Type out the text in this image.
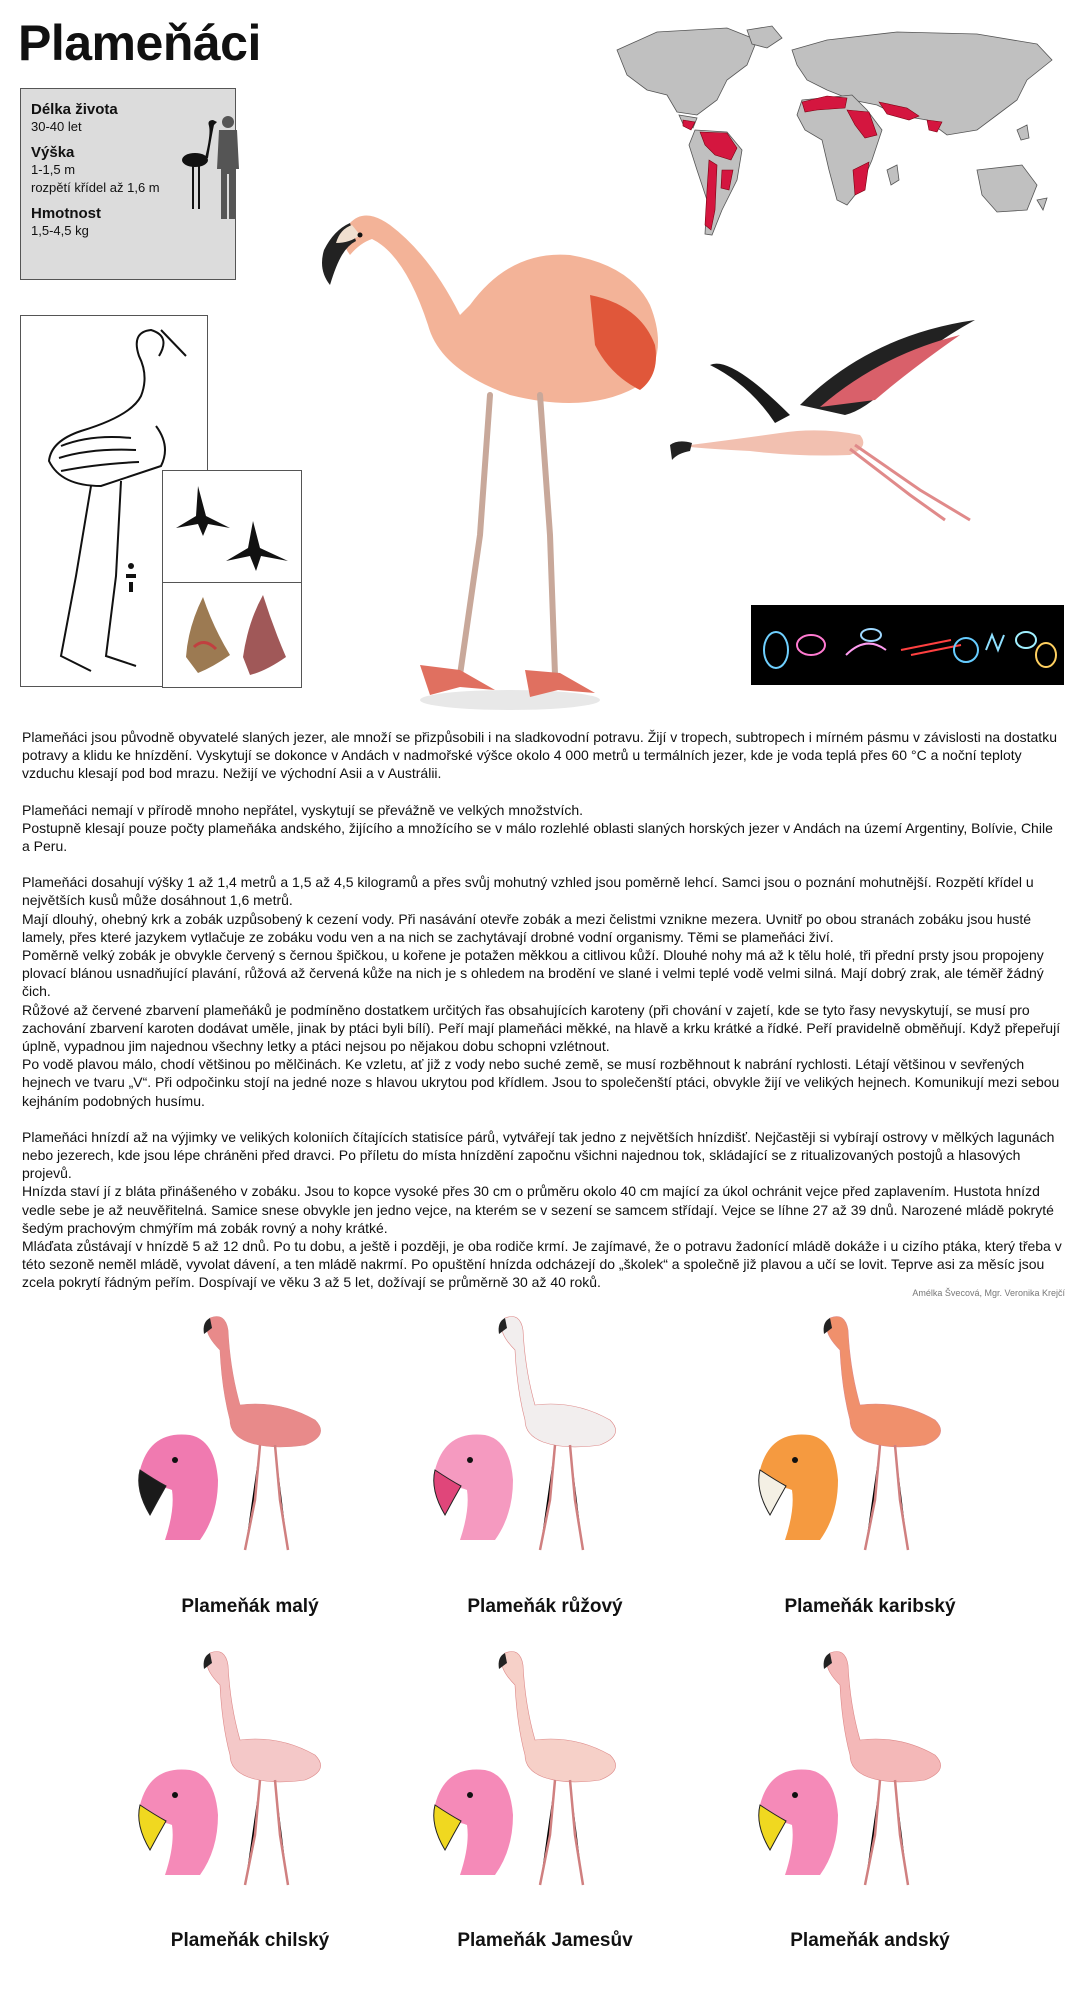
Plameňáci
Délka života
30-40 let
Výška
1-1,5 m
rozpětí křídel až 1,6 m
Hmotnost
1,5-4,5 kg

Plameňáci jsou původně obyvatelé slaných jezer, ale množí se přizpůsobili i na sladkovodní potravu. Žijí v tropech, subtropech i mírném pásmu v závislosti na dostatku potravy a klidu ke hnízdění. Vyskytují se dokonce v Andách v nadmořské výšce okolo 4 000 metrů u termálních jezer, kde je voda teplá přes 60 °C a noční teploty vzduchu klesají pod bod mrazu. Nežijí ve východní Asii a v Austrálii.

Plameňáci nemají v přírodě mnoho nepřátel, vyskytují se převážně ve velkých množstvích.
Postupně klesají pouze počty plameňáka andského, žijícího a množícího se v málo rozlehlé oblasti slaných horských jezer v Andách na území Argentiny, Bolívie, Chile a Peru.

Plameňáci dosahují výšky 1 až 1,4 metrů a 1,5 až 4,5 kilogramů a přes svůj mohutný vzhled jsou poměrně lehcí. Samci jsou o poznání mohutnější. Rozpětí křídel u největších kusů může dosáhnout 1,6 metrů.
Mají dlouhý, ohebný krk a zobák uzpůsobený k cezení vody. Při nasávání otevře zobák a mezi čelistmi vznikne mezera. Uvnitř po obou stranách zobáku jsou husté lamely, přes které jazykem vytlačuje ze zobáku vodu ven a na nich se zachytávají drobné vodní organismy. Těmi se plameňáci živí.
Poměrně velký zobák je obvykle červený s černou špičkou, u kořene je potažen měkkou a citlivou kůží. Dlouhé nohy má až k tělu holé, tři přední prsty jsou propojeny plovací blánou usnadňující plavání, růžová až červená kůže na nich je s ohledem na brodění ve slané i velmi teplé vodě velmi silná. Mají dobrý zrak, ale téměř žádný čich.
Růžové až červené zbarvení plameňáků je podmíněno dostatkem určitých řas obsahujících karoteny (při chování v zajetí, kde se tyto řasy nevyskytují, se musí pro zachování zbarvení karoten dodávat uměle, jinak by ptáci byli bílí). Peří mají plameňáci měkké, na hlavě a krku krátké a řídké. Peří pravidelně obměňují. Když přepeřují úplně, vypadnou jim najednou všechny letky a ptáci nejsou po nějakou dobu schopni vzlétnout.
Po vodě plavou málo, chodí většinou po mělčinách. Ke vzletu, ať již z vody nebo suché země, se musí rozběhnout k nabrání rychlosti. Létají většinou v sevřených hejnech ve tvaru „V“. Při odpočinku stojí na jedné noze s hlavou ukrytou pod křídlem. Jsou to společenští ptáci, obvykle žijí ve velikých hejnech. Komunikují mezi sebou kejháním podobných husímu.

Plameňáci hnízdí až na výjimky ve velikých koloniích čítajících statisíce párů, vytvářejí tak jedno z největších hnízdišť. Nejčastěji si vybírají ostrovy v mělkých lagunách nebo jezerech, kde jsou lépe chráněni před dravci. Po příletu do místa hnízdění započnu všichni najednou tok, skládající se z ritualizovaných postojů a hlasových projevů.
Hnízda staví jí z bláta přinášeného v zobáku. Jsou to kopce vysoké přes 30 cm o průměru okolo 40 cm mající za úkol ochránit vejce před zaplavením. Hustota hnízd vedle sebe je až neuvěřitelná. Samice snese obvykle jen jedno vejce, na kterém se v sezení se samcem střídají. Vejce se líhne 27 až 39 dnů. Narozené mládě pokryté šedým prachovým chmýřím má zobák rovný a nohy krátké.
Mláďata zůstávají v hnízdě 5 až 12 dnů. Po tu dobu, a ještě i později, je oba rodiče krmí. Je zajímavé, že o potravu žadonící mládě dokáže i u cizího ptáka, který třeba v této sezoně neměl mládě, vyvolat dávení, a ten mládě nakrmí. Po opuštění hnízda odcházejí do „školek“ a společně již plavou a učí se lovit. Teprve asi za měsíc jsou zcela pokrytí řádným peřím. Dospívají ve věku 3 až 5 let, dožívají se průměrně 30 až 40 roků.

Amélka Švecová, Mgr. Veronika Krejčí
Plameňák malý	Plameňák růžový	Plameňák karibský
Plameňák chilský	Plameňák Jamesův	Plameňák andský
